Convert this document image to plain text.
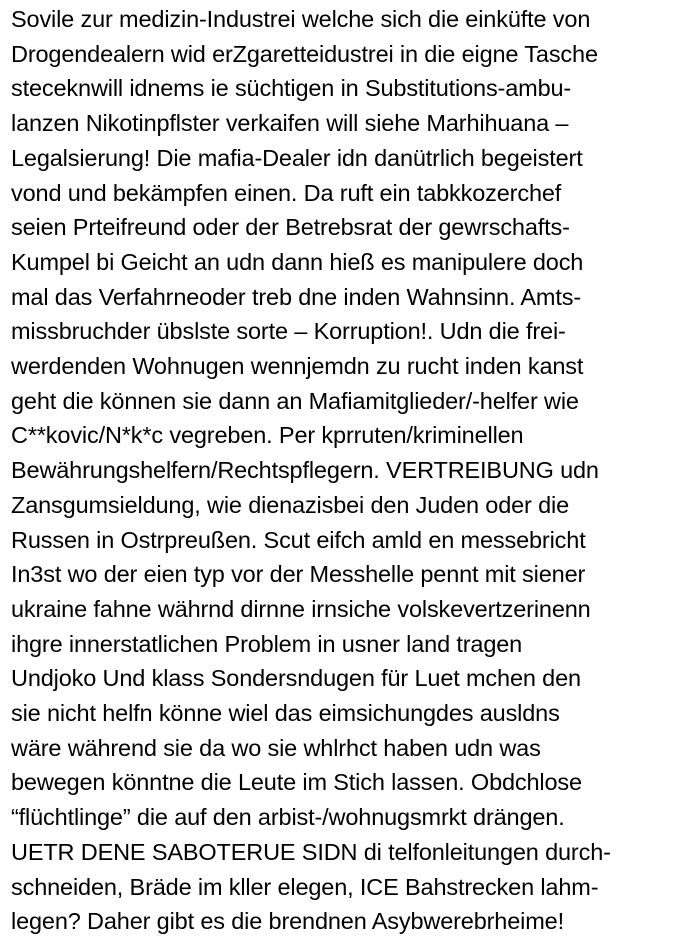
Sovile zur medizin-Industrei welche sich die einküfte von
Drogendealern wid erZgaretteidustrei in die eigne Tasche
steceknwill idnems ie süchtigen in Substitutions-ambu-
lanzen Nikotinpflster verkaifen will siehe Marhihuana –
Legalsierung! Die mafia-Dealer idn danütrlich begeistert
vond und bekämpfen einen. Da ruft ein tabkkozerchef
seien Prteifreund oder der Betrebsrat der gewrschafts-
Kumpel bi Geicht an udn dann hieß es manipulere doch
mal das Verfahrneoder treb dne inden Wahnsinn. Amts-
missbruchder übslste sorte – Korruption!. Udn die frei-
werdenden Wohnugen wennjemdn zu rucht inden kanst
geht die können sie dann an Mafiamitglieder/-helfer wie
C**kovic/N*k*c vegreben. Per kprruten/kriminellen
Bewährungshelfern/Rechtspflegern. VERTREIBUNG udn
Zansgumsieldung, wie dienazisbei den Juden oder die
Russen in Ostrpreußen. Scut eifch amld en messebricht
In3st wo der eien typ vor der Messhelle pennt mit siener
ukraine fahne währnd dirnne irnsiche volskevertzerinenn
ihgre innerstatlichen Problem in usner land tragen
Undjoko Und klass Sondersndugen für Luet mchen den
sie nicht helfn könne wiel das eimsichungdes ausldns
wäre während sie da wo sie whlrhct haben udn was
bewegen könntne die Leute im Stich lassen. Obdchlose
“flüchtlinge” die auf den arbist-/wohnugsmrkt drängen.
UETR DENE SABOTERUE SIDN di telfonleitungen durch-
schneiden, Bräde im kller elegen, ICE Bahstrecken lahm-
legen? Daher gibt es die brendnen Asybwerebrheime!
